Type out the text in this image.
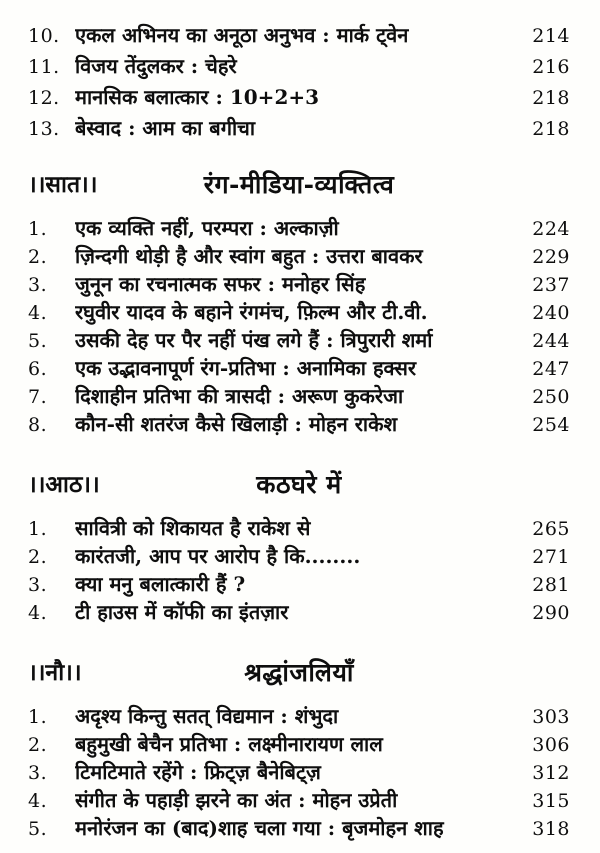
10. एकल अभिनय का अनूठा अनुभव : मार्क ट्वेन	214
11. विजय तेंदुलकर : चेहरे	216
12. मानसिक बलात्कार : 10+2+3	218
13. बेस्वाद : आम का बगीचा	218
।।सात।।	रंग-मीडिया-व्यक्तित्व
1.	एक व्यक्ति नहीं, परम्परा : अल्काज़ी	224
2.	ज़िन्दगी थोड़ी है और स्वांग बहुत : उत्तरा बावकर	229
3.	जुनून का रचनात्मक सफर : मनोहर सिंह	237
4.	रघुवीर यादव के बहाने रंगमंच, फ़िल्म और टी.वी.	240
5.	उसकी देह पर पैर नहीं पंख लगे हैं : त्रिपुरारी शर्मा	244
6.	एक उद्भावनापूर्ण रंग-प्रतिभा : अनामिका हक्सर	247
7.	दिशाहीन प्रतिभा की त्रासदी : अरूण कुकरेजा	250
8.	कौन-सी शतरंज कैसे खिलाड़ी : मोहन राकेश	254
।।आठ।।	कठघरे में
1.	सावित्री को शिकायत है राकेश से	265
2.	कारंतजी, आप पर आरोप है कि........	271
3.	क्या मनु बलात्कारी हैं ?	281
4.	टी हाउस में कॉफी का इंतज़ार	290
।।नौ।।	श्रद्धांजलियाँ
1.	अदृश्य किन्तु सतत् विद्यमान : शंभुदा	303
2.	बहुमुखी बेचैन प्रतिभा : लक्ष्मीनारायण लाल	306
3.	टिमटिमाते रहेंगे : फ्रिट्ज़ बैनेबिट्ज़	312
4.	संगीत के पहाड़ी झरने का अंत : मोहन उप्रेती	315
5.	मनोरंजन का (बाद)शाह चला गया : बृजमोहन शाह	318
